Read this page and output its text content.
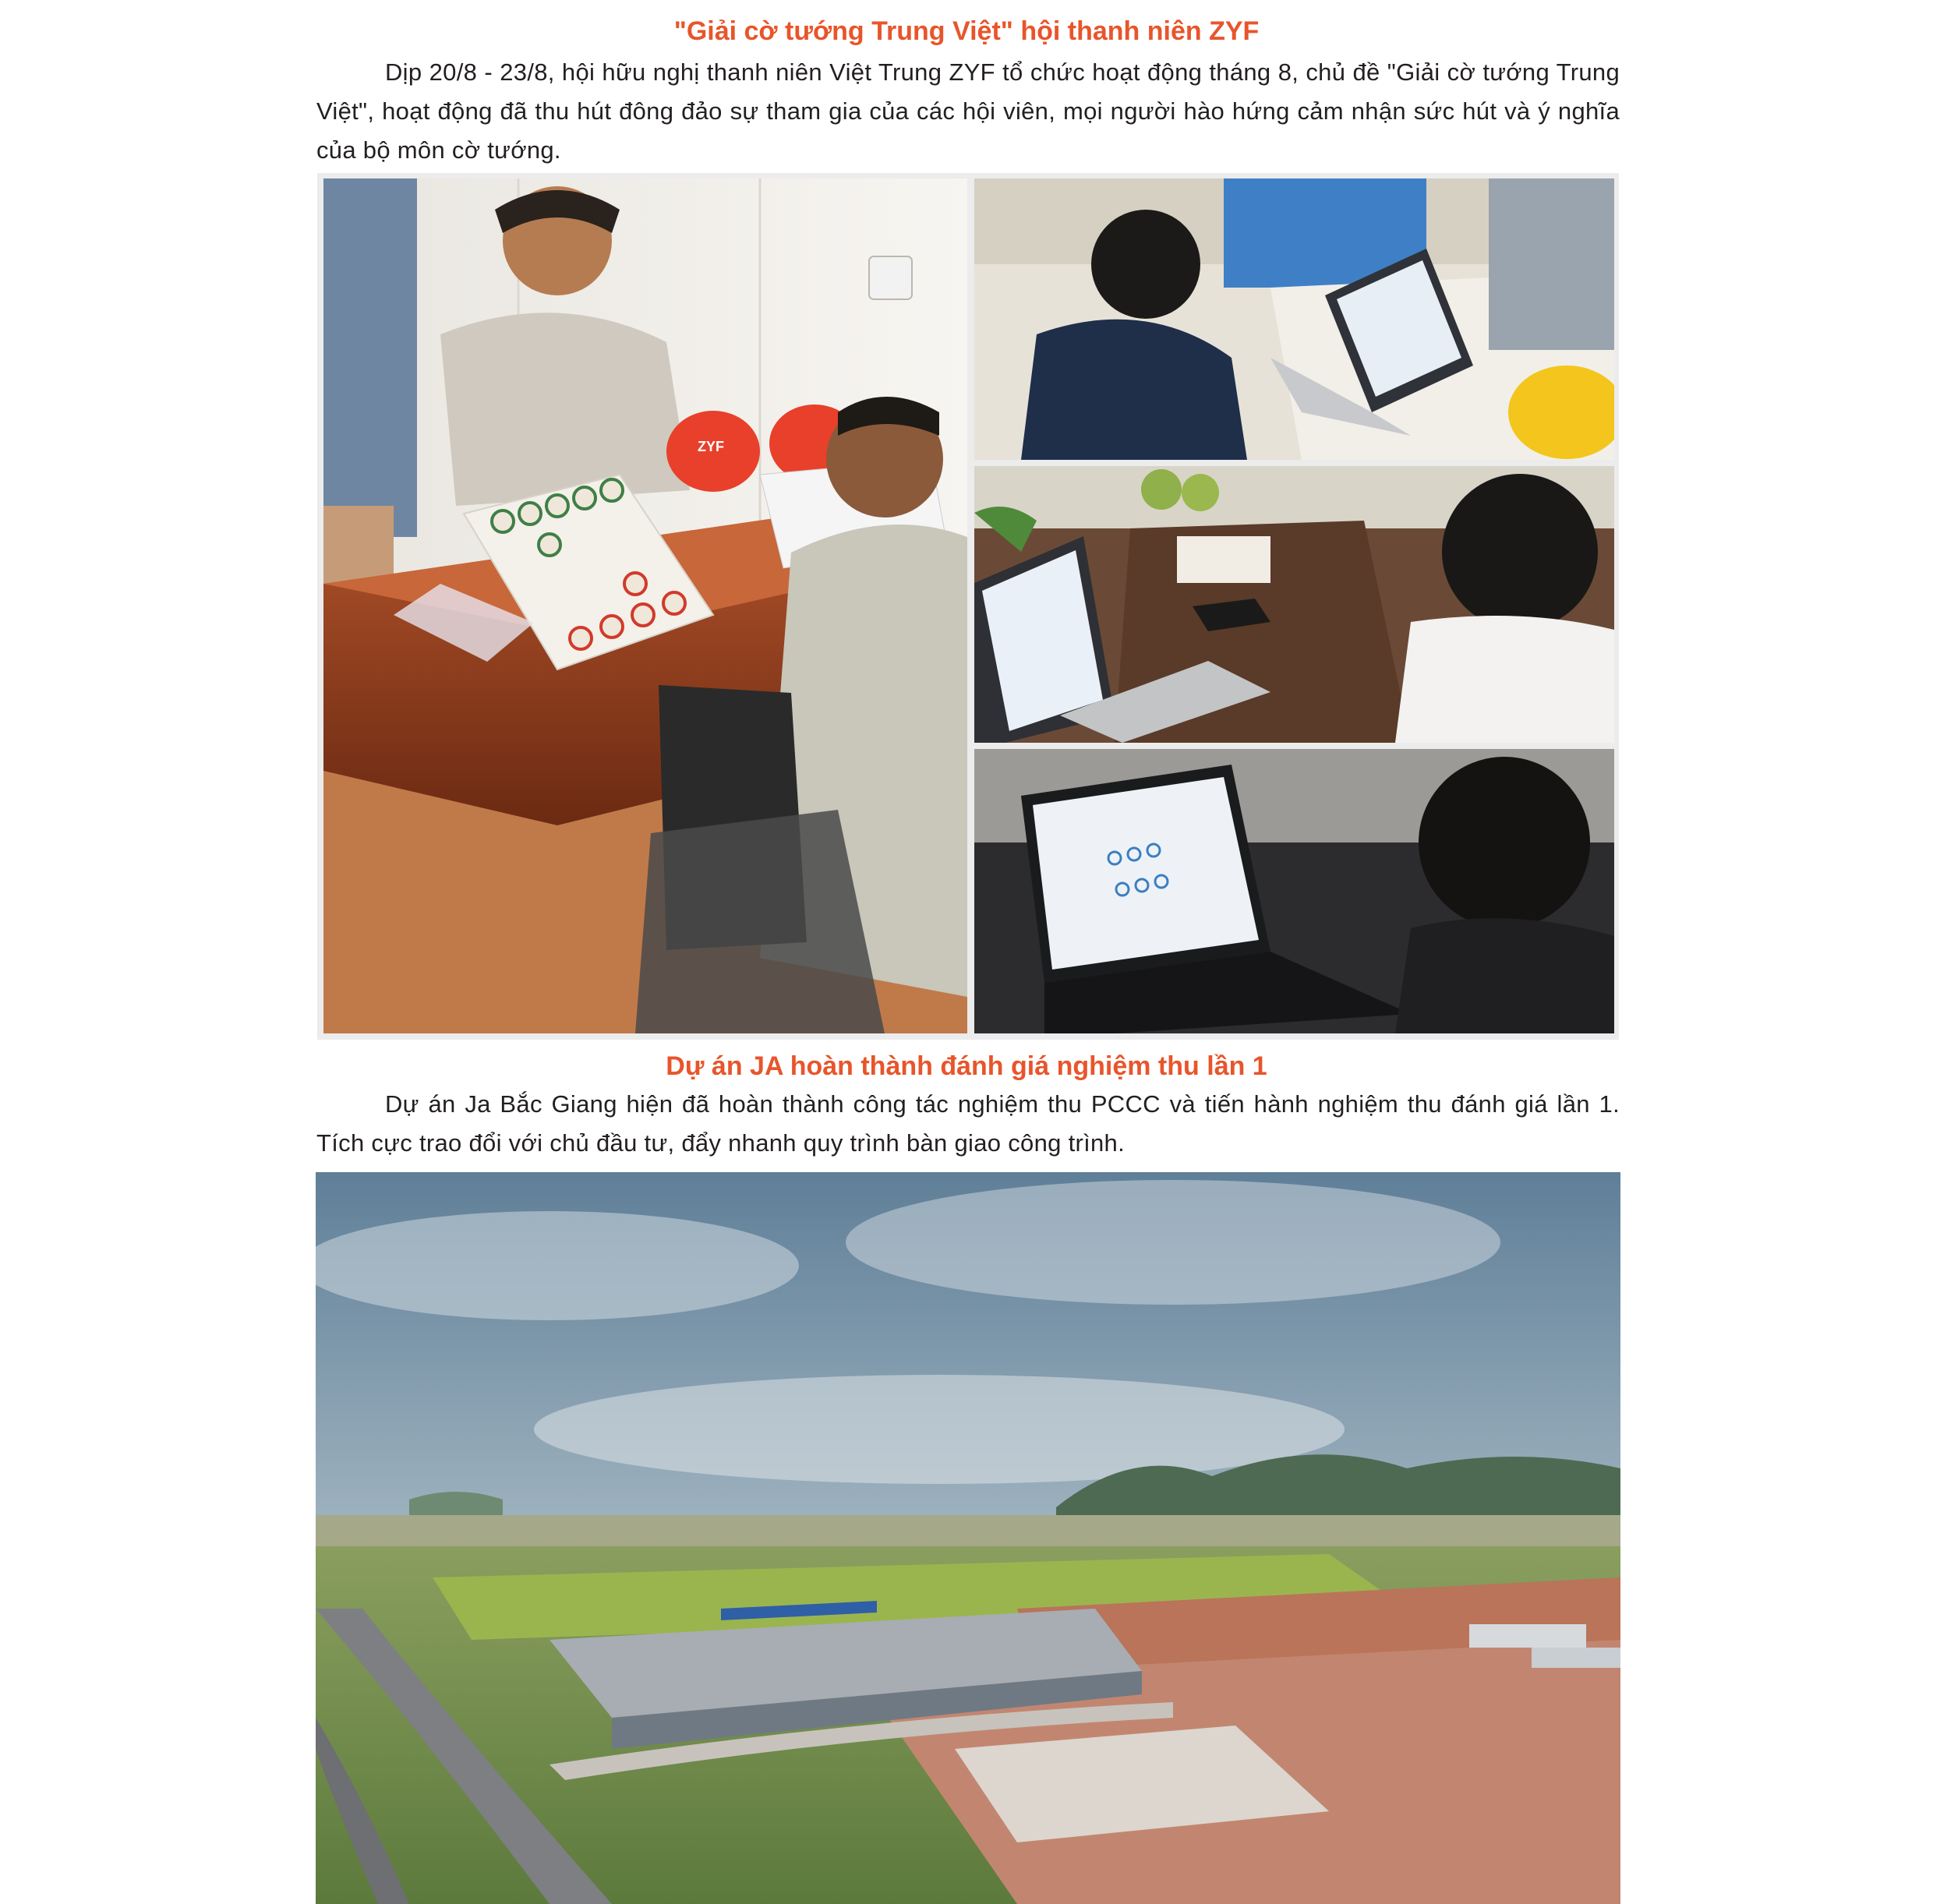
"Giải cờ tướng Trung Việt" hội thanh niên ZYF

Dịp 20/8 - 23/8, hội hữu nghị thanh niên Việt Trung ZYF tổ chức hoạt động tháng 8, chủ đề "Giải cờ tướng Trung Việt", hoạt động đã thu hút đông đảo sự tham gia của các hội viên, mọi người hào hứng cảm nhận sức hút và ý nghĩa của bộ môn cờ tướng.

ZYF
Dự án JA hoàn thành đánh giá nghiệm thu lần 1

Dự án Ja Bắc Giang hiện đã hoàn thành công tác nghiệm thu PCCC và tiến hành nghiệm thu đánh giá lần 1. Tích cực trao đổi với chủ đầu tư, đẩy nhanh quy trình bàn giao công trình.
